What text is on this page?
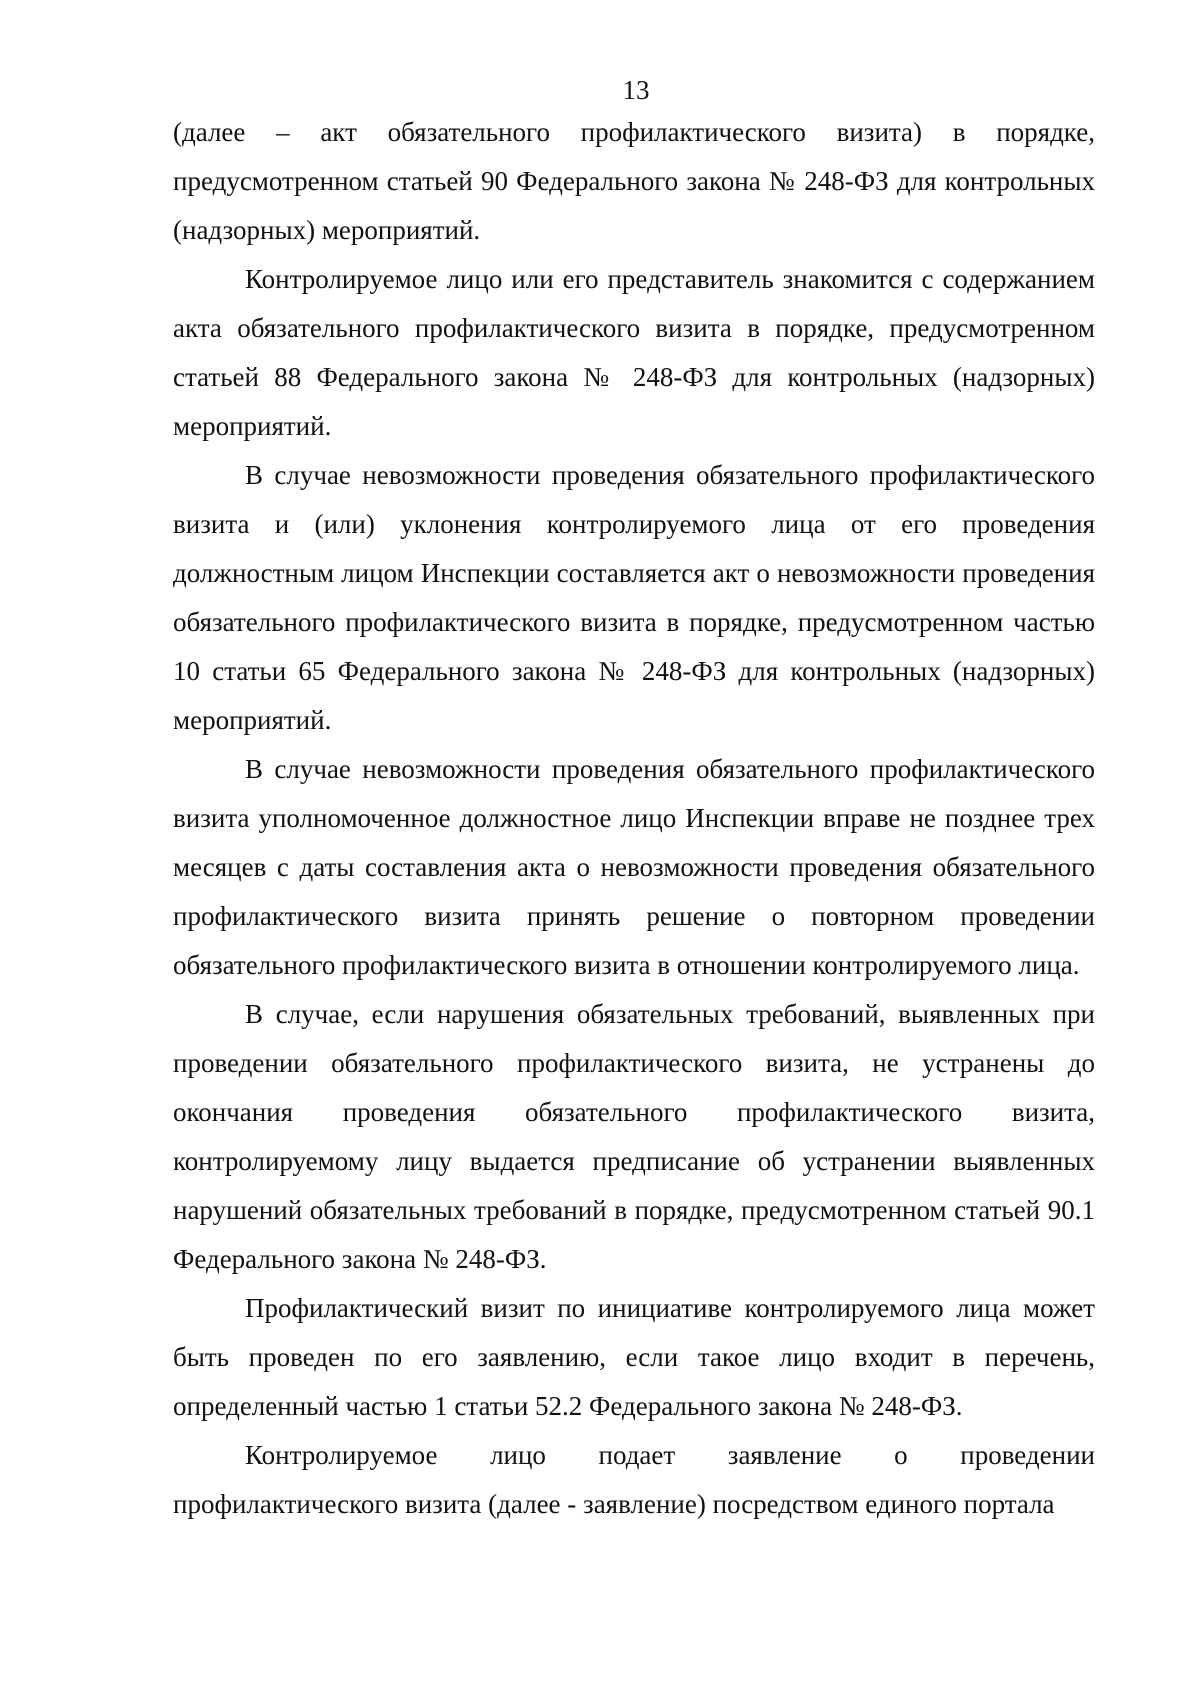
13

(далее – акт обязательного профилактического визита) в порядке, предусмотренном статьей 90 Федерального закона № 248-ФЗ для контрольных (надзорных) мероприятий.

Контролируемое лицо или его представитель знакомится с содержанием акта обязательного профилактического визита в порядке, предусмотренном статьей 88 Федерального закона № 248-ФЗ для контрольных (надзорных) мероприятий.

В случае невозможности проведения обязательного профилактического визита и (или) уклонения контролируемого лица от его проведения должностным лицом Инспекции составляется акт о невозможности проведения обязательного профилактического визита в порядке, предусмотренном частью 10 статьи 65 Федерального закона № 248-ФЗ для контрольных (надзорных) мероприятий.

В случае невозможности проведения обязательного профилактического визита уполномоченное должностное лицо Инспекции вправе не позднее трех месяцев с даты составления акта о невозможности проведения обязательного профилактического визита принять решение о повторном проведении обязательного профилактического визита в отношении контролируемого лица.

В случае, если нарушения обязательных требований, выявленных при проведении обязательного профилактического визита, не устранены до окончания проведения обязательного профилактического визита, контролируемому лицу выдается предписание об устранении выявленных нарушений обязательных требований в порядке, предусмотренном статьей 90.1 Федерального закона № 248-ФЗ.

Профилактический визит по инициативе контролируемого лица может быть проведен по его заявлению, если такое лицо входит в перечень, определенный частью 1 статьи 52.2 Федерального закона № 248-ФЗ.

Контролируемое лицо подает заявление о проведении профилактического визита (далее - заявление) посредством единого портала
